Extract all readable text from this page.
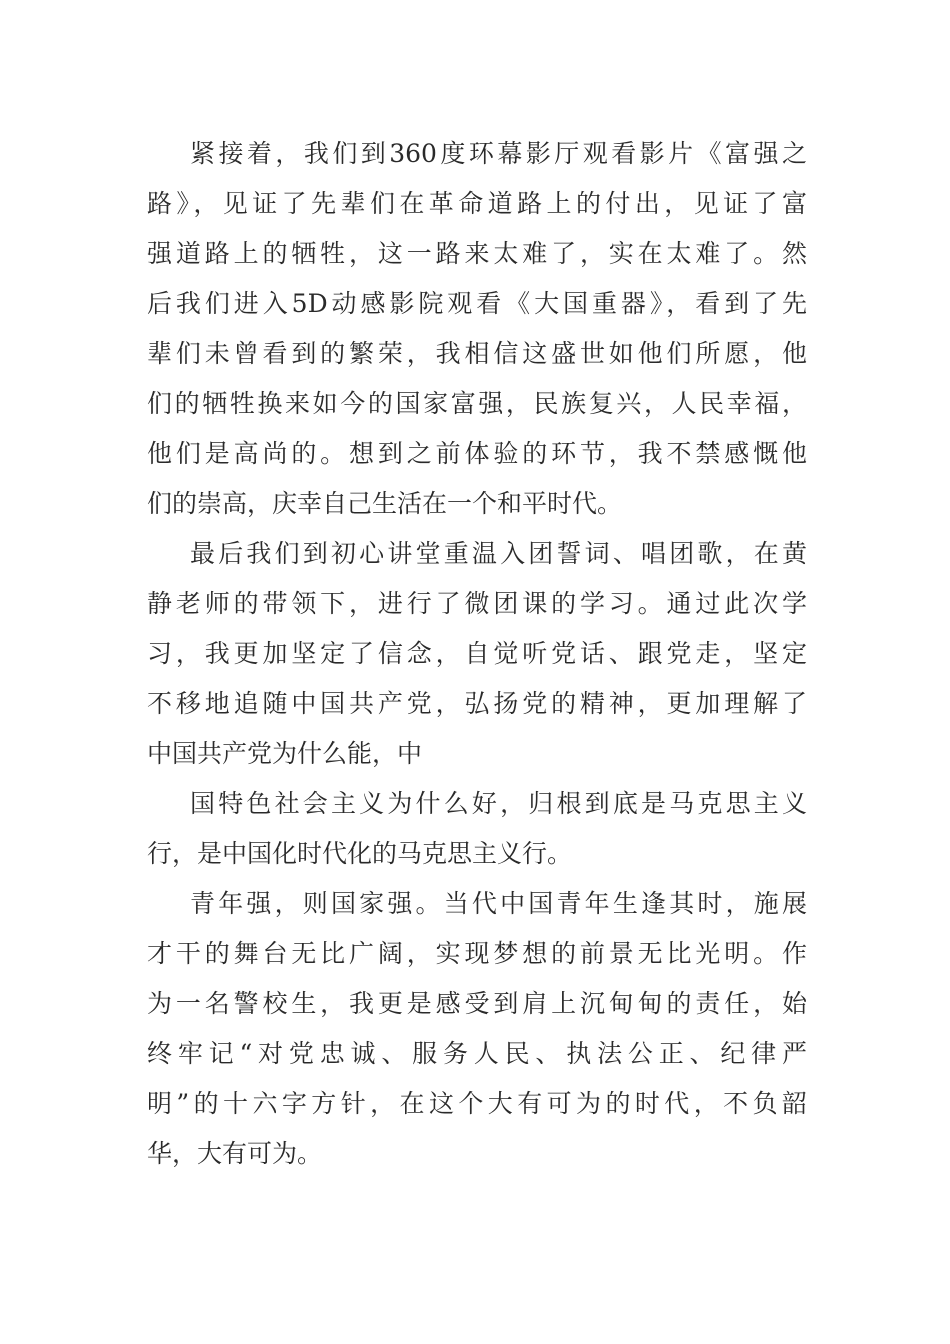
紧接着，我们到360度环幕影厅观看影片《富强之
路》，见证了先辈们在革命道路上的付出，见证了富
强道路上的牺牲，这一路来太难了，实在太难了。然
后我们进入5D动感影院观看《大国重器》，看到了先
辈们未曾看到的繁荣，我相信这盛世如他们所愿，他
们的牺牲换来如今的国家富强，民族复兴，人民幸福，
他们是高尚的。想到之前体验的环节，我不禁感慨他
们的崇高，庆幸自己生活在一个和平时代。
最后我们到初心讲堂重温入团誓词、唱团歌，在黄
静老师的带领下，进行了微团课的学习。通过此次学
习，我更加坚定了信念，自觉听党话、跟党走，坚定
不移地追随中国共产党，弘扬党的精神，更加理解了
中国共产党为什么能，中
国特色社会主义为什么好，归根到底是马克思主义
行，是中国化时代化的马克思主义行。
青年强，则国家强。当代中国青年生逢其时，施展
才干的舞台无比广阔，实现梦想的前景无比光明。作
为一名警校生，我更是感受到肩上沉甸甸的责任，始
终牢记“对党忠诚、服务人民、执法公正、纪律严
明”的十六字方针，在这个大有可为的时代，不负韶
华，大有可为。
